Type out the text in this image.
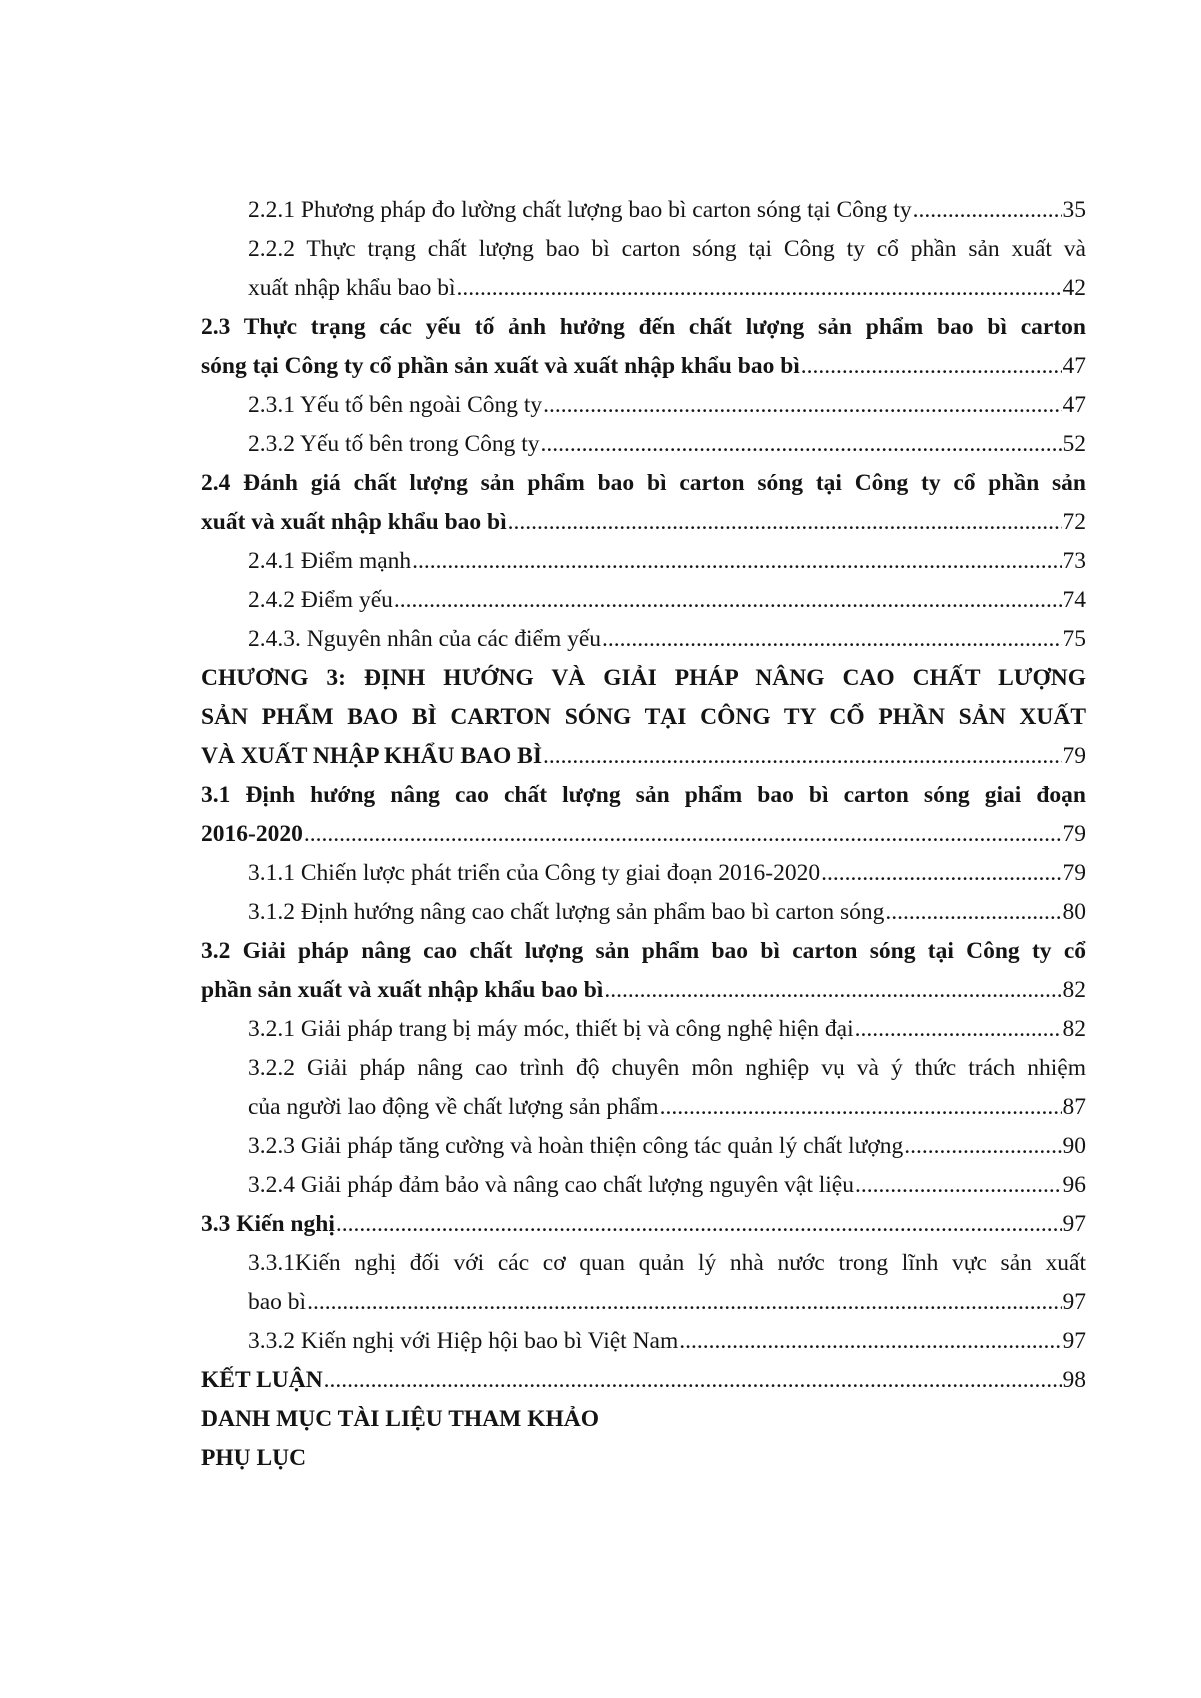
2.2.1 Phương pháp đo lường chất lượng bao bì carton sóng tại Công ty .....	35
2.2.2 Thực trạng chất lượng bao bì carton sóng tại Công ty cổ phần sản xuất và
xuất nhập khẩu bao bì .....	42
2.3 Thực trạng các yếu tố ảnh hưởng đến chất lượng sản phẩm bao bì carton
sóng tại Công ty cổ phần sản xuất và xuất nhập khẩu bao bì .....	47
2.3.1 Yếu tố bên ngoài Công ty .....	47
2.3.2 Yếu tố bên trong Công ty .....	52
2.4 Đánh giá chất lượng sản phẩm bao bì carton sóng tại Công ty cổ phần sản
xuất và xuất nhập khẩu bao bì .....	72
2.4.1 Điểm mạnh .....	73
2.4.2 Điểm yếu .....	74
2.4.3. Nguyên nhân của các điểm yếu .....	75
CHƯƠNG 3: ĐỊNH HƯỚNG VÀ GIẢI PHÁP NÂNG CAO CHẤT LƯỢNG
SẢN PHẨM BAO BÌ CARTON SÓNG TẠI CÔNG TY CỔ PHẦN SẢN XUẤT
VÀ XUẤT NHẬP KHẨU BAO BÌ .....	79
3.1 Định hướng nâng cao chất lượng sản phẩm bao bì carton sóng giai đoạn
2016-2020 .....	79
3.1.1 Chiến lược phát triển của Công ty giai đoạn 2016-2020 .....	79
3.1.2 Định hướng nâng cao chất lượng sản phẩm bao bì carton sóng .....	80
3.2 Giải pháp nâng cao chất lượng sản phẩm bao bì carton sóng tại Công ty cổ
phần sản xuất và xuất nhập khẩu bao bì .....	82
3.2.1 Giải pháp trang bị máy móc, thiết bị và công nghệ hiện đại .....	82
3.2.2 Giải pháp nâng cao trình độ chuyên môn nghiệp vụ và ý thức trách nhiệm
của người lao động về chất lượng sản phẩm .....	87
3.2.3 Giải pháp tăng cường và hoàn thiện công tác quản lý chất lượng .....	90
3.2.4 Giải pháp đảm bảo và nâng cao chất lượng nguyên vật liệu .....	96
3.3 Kiến nghị .....	97
3.3.1Kiến nghị đối với các cơ quan quản lý nhà nước trong lĩnh vực sản xuất
bao bì .....	97
3.3.2 Kiến nghị với Hiệp hội bao bì Việt Nam .....	97
KẾT LUẬN .....	98
DANH MỤC TÀI LIỆU THAM KHẢO
PHỤ LỤC
